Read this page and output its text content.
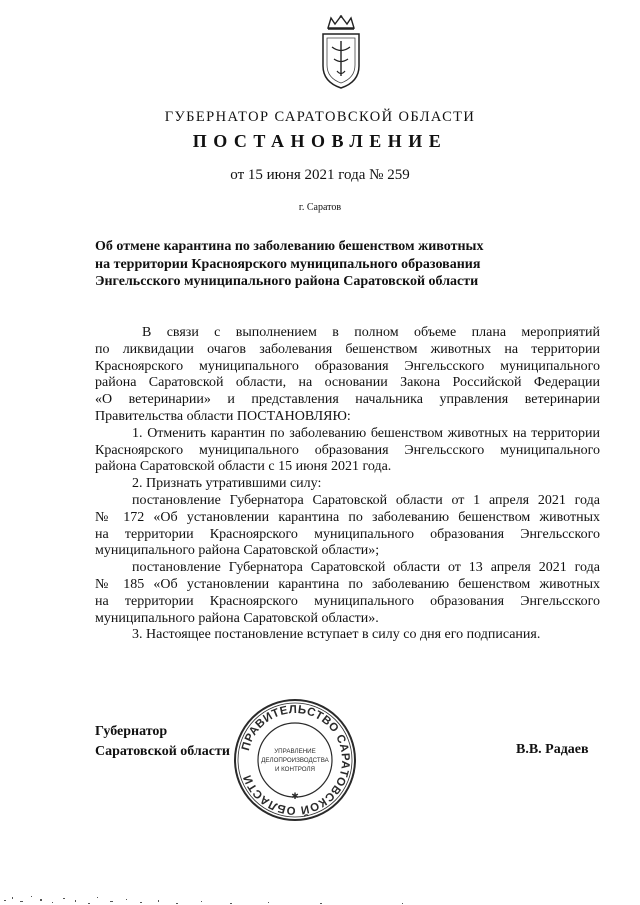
ГУБЕРНАТОР САРАТОВСКОЙ ОБЛАСТИ
ПОСТАНОВЛЕНИЕ
от 15 июня 2021 года № 259
г. Саратов
Об отмене карантина по заболеванию бешенством животных
на территории Красноярского муниципального образования
Энгельсского муниципального района Саратовской области
В связи с выполнением в полном объеме плана мероприятий
по ликвидации очагов заболевания бешенством животных на территории
Красноярского муниципального образования Энгельсского муниципального
района Саратовской области, на основании Закона Российской Федерации
«О ветеринарии» и представления начальника управления ветеринарии
Правительства области ПОСТАНОВЛЯЮ:
1. Отменить карантин по заболеванию бешенством животных на территории
Красноярского муниципального образования Энгельсского муниципального
района Саратовской области с 15 июня 2021 года.
2. Признать утратившими силу:
постановление Губернатора Саратовской области от 1 апреля 2021 года
№ 172 «Об установлении карантина по заболеванию бешенством животных
на территории Красноярского муниципального образования Энгельсского
муниципального района Саратовской области»;
постановление Губернатора Саратовской области от 13 апреля 2021 года
№ 185 «Об установлении карантина по заболеванию бешенством животных
на территории Красноярского муниципального образования Энгельсского
муниципального района Саратовской области».
3. Настоящее постановление вступает в силу со дня его подписания.
Губернатор
Саратовской области ПРАВИТЕЛЬСТВО САРАТОВСКОЙ ОБЛАСТИ
УПРАВЛЕНИЕ
ДЕЛОПРОИЗВОДСТВА
И КОНТРОЛЯ
✱
В.В. Радаев
